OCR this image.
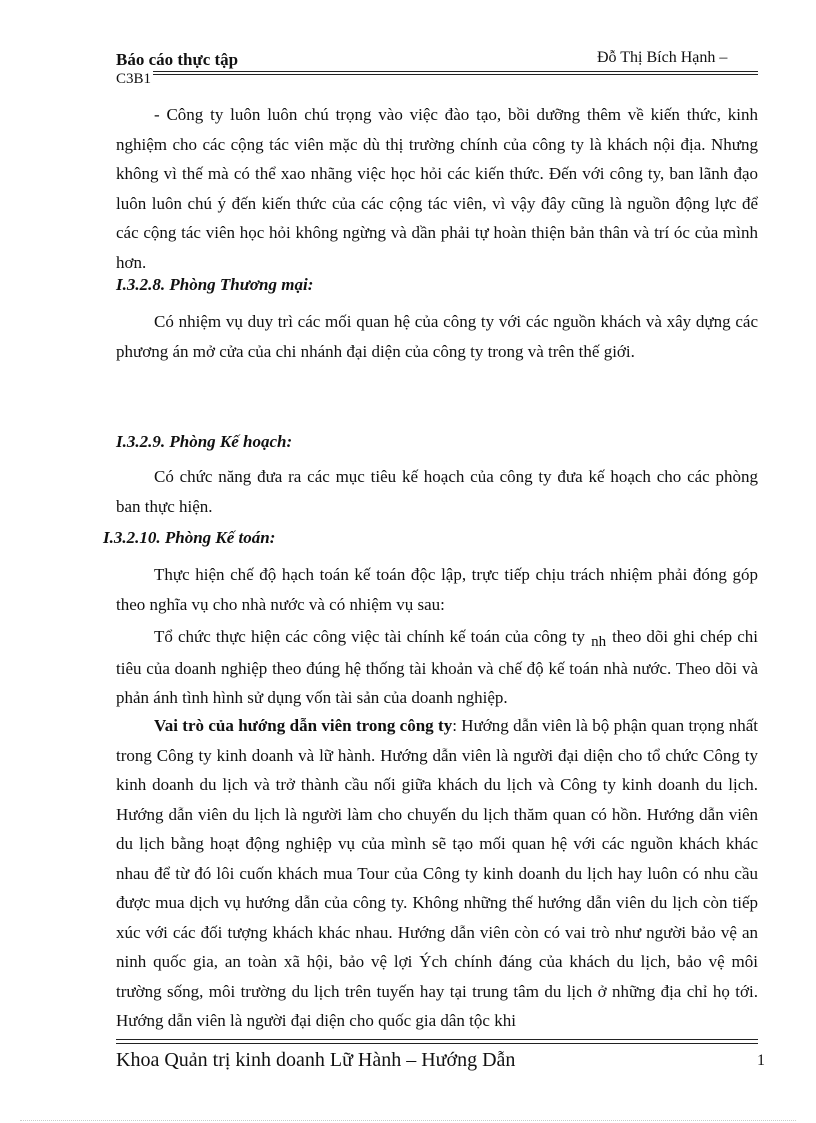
Báo cáo thực tập	Đỗ Thị Bích Hạnh –
C3B1
- Công ty luôn luôn chú trọng vào việc đào tạo, bồi dưỡng thêm về kiến thức, kinh nghiệm cho các cộng tác viên mặc dù thị trường chính của công ty là khách nội địa. Nhưng không vì thế mà có thể xao nhãng việc học hỏi các kiến thức. Đến với công ty, ban lãnh đạo luôn luôn chú ý đến kiến thức của các cộng tác viên, vì vậy đây cũng là nguồn động lực để các cộng tác viên học hỏi không ngừng và dần phải tự hoàn thiện bản thân và trí óc của mình hơn.
I.3.2.8. Phòng Thương mại:
Có nhiệm vụ duy trì các mối quan hệ của công ty với các nguồn khách và xây dựng các phương án mở cửa của chi nhánh đại diện của công ty trong và trên thế giới.
I.3.2.9. Phòng Kế hoạch:
Có chức năng đưa ra các mục tiêu kế hoạch của công ty đưa kế hoạch cho các phòng ban thực hiện.
I.3.2.10. Phòng Kế toán:
Thực hiện chế độ hạch toán kế toán độc lập, trực tiếp chịu trách nhiệm phải đóng góp theo nghĩa vụ cho nhà nước và có nhiệm vụ sau:
Tổ chức thực hiện các công việc tài chính kế toán của công ty nh theo dõi ghi chép chi tiêu của doanh nghiệp theo đúng hệ thống tài khoản và chế độ kế toán nhà nước. Theo dõi và phản ánh tình hình sử dụng vốn tài sản của doanh nghiệp.
Vai trò của hướng dẫn viên trong công ty: Hướng dẫn viên là bộ phận quan trọng nhất trong Công ty kinh doanh và lữ hành. Hướng dẫn viên là người đại diện cho tổ chức Công ty kinh doanh du lịch và trở thành cầu nối giữa khách du lịch và Công ty kinh doanh du lịch. Hướng dẫn viên du lịch là người làm cho chuyến du lịch thăm quan có hồn. Hướng dẫn viên du lịch bằng hoạt động nghiệp vụ của mình sẽ tạo mối quan hệ với các nguồn khách khác nhau để từ đó lôi cuốn khách mua Tour của Công ty kinh doanh du lịch hay luôn có nhu cầu được mua dịch vụ hướng dẫn của công ty. Không những thế hướng dẫn viên du lịch còn tiếp xúc với các đối tượng khách khác nhau. Hướng dẫn viên còn có vai trò như người bảo vệ an ninh quốc gia, an toàn xã hội, bảo vệ lợi Ých chính đáng của khách du lịch, bảo vệ môi trường sống, môi trường du lịch trên tuyến hay tại trung tâm du lịch ở những địa chỉ họ tới. Hướng dẫn viên là người đại diện cho quốc gia dân tộc khi
Khoa Quản trị kinh doanh Lữ Hành – Hướng Dẫn	1
